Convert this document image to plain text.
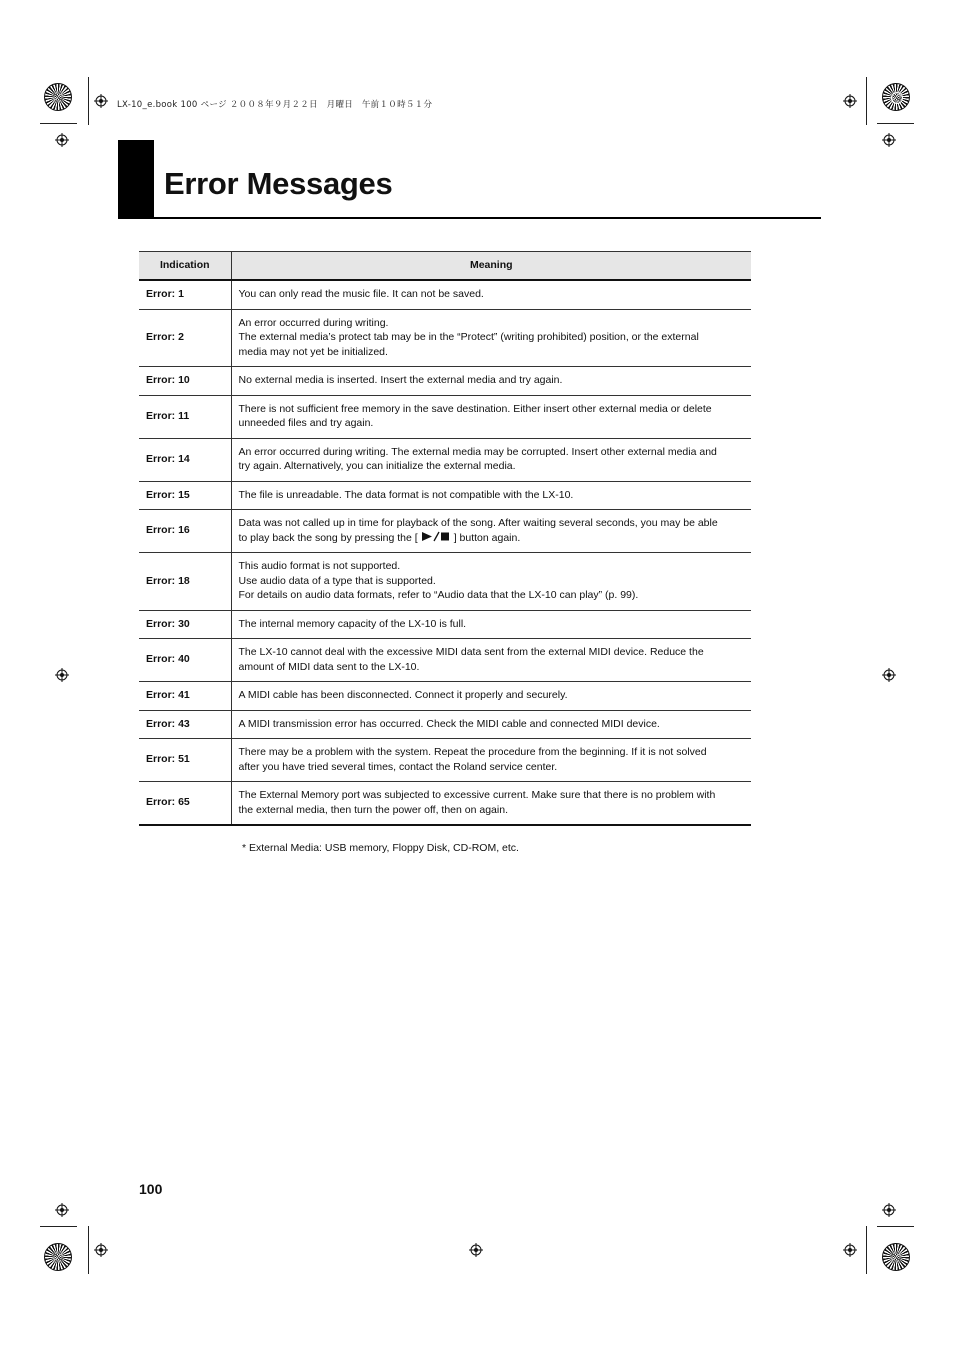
LX-10_e.book 100 ページ ２００８年９月２２日　月曜日　午前１０時５１分
Error Messages
Indication	Meaning
Error: 1	You can only read the music file. It can not be saved.

Error: 2	An error occurred during writing.
The external media’s protect tab may be in the “Protect” (writing prohibited) position, or the external
media may not yet be initialized.

Error: 10	No external media is inserted. Insert the external media and try again.

Error: 11	There is not sufficient free memory in the save destination. Either insert other external media or delete
unneeded files and try again.

Error: 14	An error occurred during writing. The external media may be corrupted. Insert other external media and
try again. Alternatively, you can initialize the external media.

Error: 15	The file is unreadable. The data format is not compatible with the LX-10.

Error: 16	Data was not called up in time for playback of the song. After waiting several seconds, you may be able
to play back the song by pressing the [ ] button again.

Error: 18	This audio format is not supported.
Use audio data of a type that is supported.
For details on audio data formats, refer to “Audio data that the LX-10 can play” (p. 99).

Error: 30	The internal memory capacity of the LX-10 is full.

Error: 40	The LX-10 cannot deal with the excessive MIDI data sent from the external MIDI device. Reduce the
amount of MIDI data sent to the LX-10.

Error: 41	A MIDI cable has been disconnected. Connect it properly and securely.

Error: 43	A MIDI transmission error has occurred. Check the MIDI cable and connected MIDI device.

Error: 51	There may be a problem with the system. Repeat the procedure from the beginning. If it is not solved
after you have tried several times, contact the Roland service center.

Error: 65	The External Memory port was subjected to excessive current. Make sure that there is no problem with
the external media, then turn the power off, then on again.
* External Media: USB memory, Floppy Disk, CD-ROM, etc.
100
